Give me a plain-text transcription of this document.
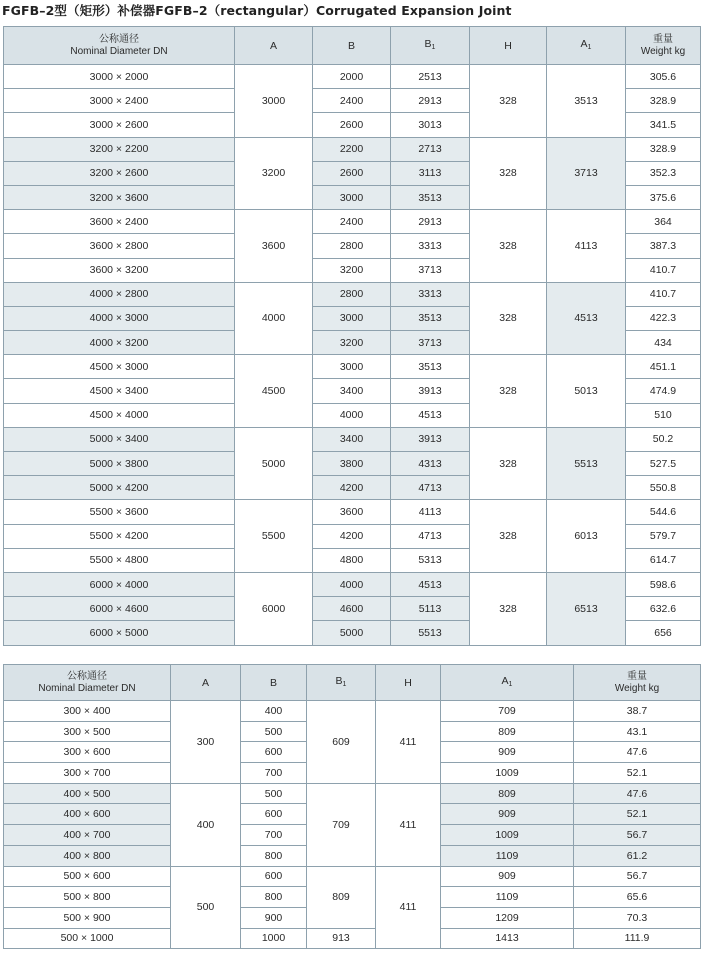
FGFB–2型（矩形）补偿器FGFB–2（rectangular）Corrugated Expansion Joint
公称通径
Nominal Diameter DN	A	B	$B_1$	H	$A_1$	重量
Weight kg

3000 × 2000	3000	2000	2513	328	3513	305.6
3000 × 2400		2400	2913			328.9
3000 × 2600		2600	3013			341.5
3200 × 2200	3200	2200	2713	328	3713	328.9
3200 × 2600		2600	3113			352.3
3200 × 3600		3000	3513			375.6
3600 × 2400	3600	2400	2913	328	4113	364
3600 × 2800		2800	3313			387.3
3600 × 3200		3200	3713			410.7
4000 × 2800	4000	2800	3313	328	4513	410.7
4000 × 3000		3000	3513			422.3
4000 × 3200		3200	3713			434
4500 × 3000	4500	3000	3513	328	5013	451.1
4500 × 3400		3400	3913			474.9
4500 × 4000		4000	4513			510
5000 × 3400	5000	3400	3913	328	5513	50.2
5000 × 3800		3800	4313			527.5
5000 × 4200		4200	4713			550.8
5500 × 3600	5500	3600	4113	328	6013	544.6
5500 × 4200		4200	4713			579.7
5500 × 4800		4800	5313			614.7
6000 × 4000	6000	4000	4513	328	6513	598.6
6000 × 4600		4600	5113			632.6
6000 × 5000		5000	5513			656
公称通径
Nominal Diameter DN	A	B	$B_1$	H	$A_1$	重量
Weight kg

300 × 400	300	400	609	411	709	38.7
300 × 500		500			809	43.1
300 × 600		600			909	47.6
300 × 700		700			1009	52.1
400 × 500	400	500	709	411	809	47.6
400 × 600		600			909	52.1
400 × 700		700			1009	56.7
400 × 800		800			1109	61.2
500 × 600	500	600	809	411	909	56.7
500 × 800		800			1109	65.6
500 × 900		900			1209	70.3
500 × 1000		1000	913		1413	111.9
